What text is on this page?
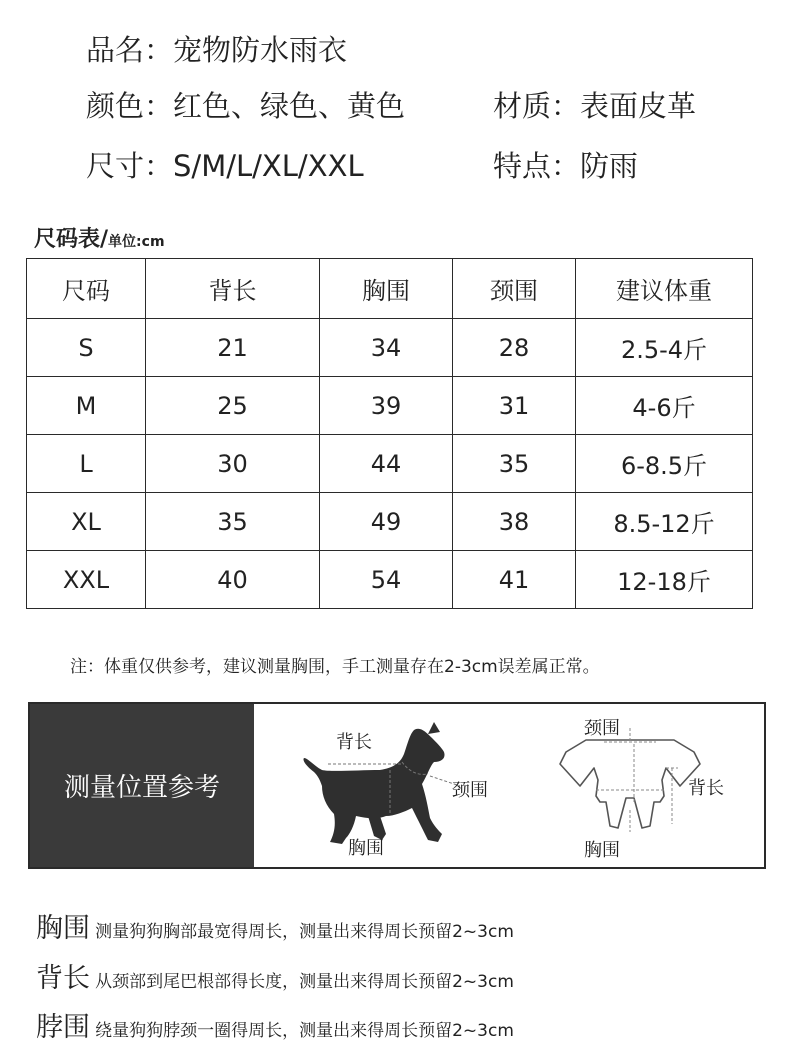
品名：宠物防水雨衣
颜色：红色、绿色、黄色	材质：表面皮革
尺寸：S/M/L/XL/XXL	特点：防雨
尺码表/单位:cm
尺码	背长	胸围	颈围	建议体重
S	21	34	28	2.5-4斤
M	25	39	31	4-6斤
L	30	44	35	6-8.5斤
XL	35	49	38	8.5-12斤
XXL	40	54	41	12-18斤
注：体重仅供参考，建议测量胸围，手工测量存在2-3cm误差属正常。
测量位置参考
背长
颈围
胸围
颈围
背长
胸围
胸围 测量狗狗胸部最宽得周长，测量出来得周长预留2~3cm
背长 从颈部到尾巴根部得长度，测量出来得周长预留2~3cm
脖围 绕量狗狗脖颈一圈得周长，测量出来得周长预留2~3cm
